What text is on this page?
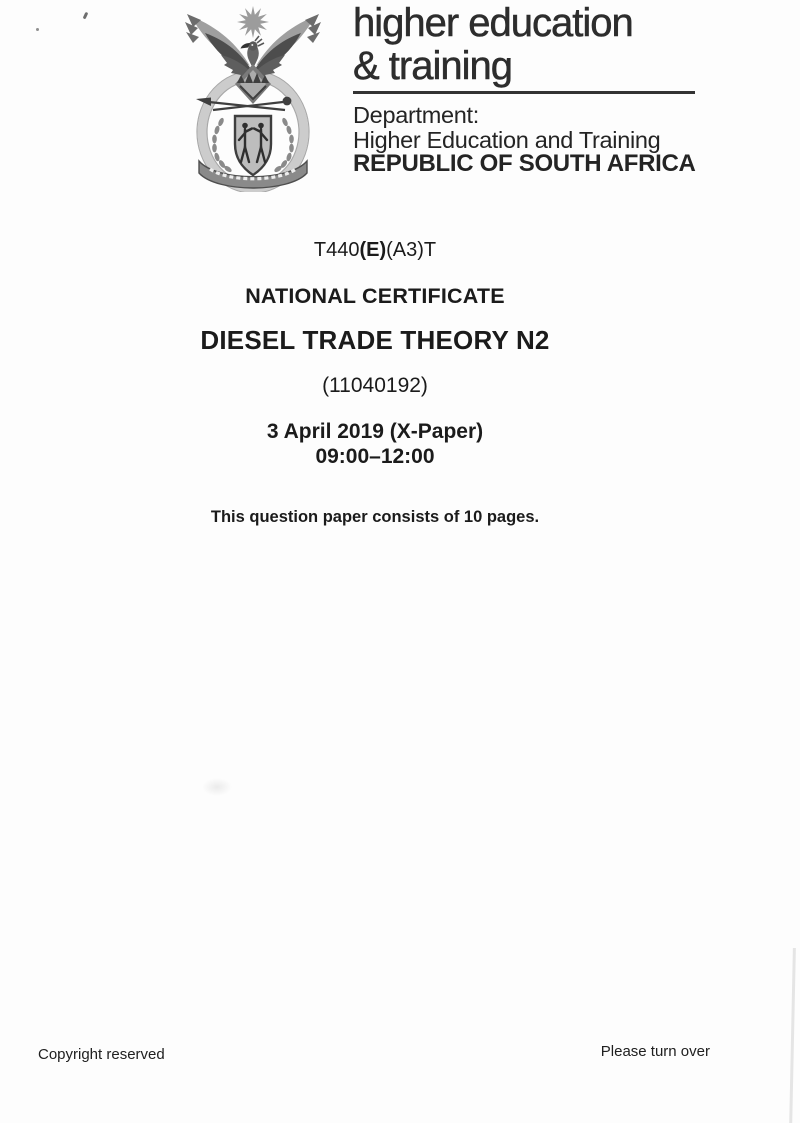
higher education
& training
Department:
Higher Education and Training
REPUBLIC OF SOUTH AFRICA
T440(E)(A3)T
NATIONAL CERTIFICATE
DIESEL TRADE THEORY N2
(11040192)
3 April 2019 (X-Paper)
09:00–12:00
This question paper consists of 10 pages.
Copyright reserved	Please turn over
